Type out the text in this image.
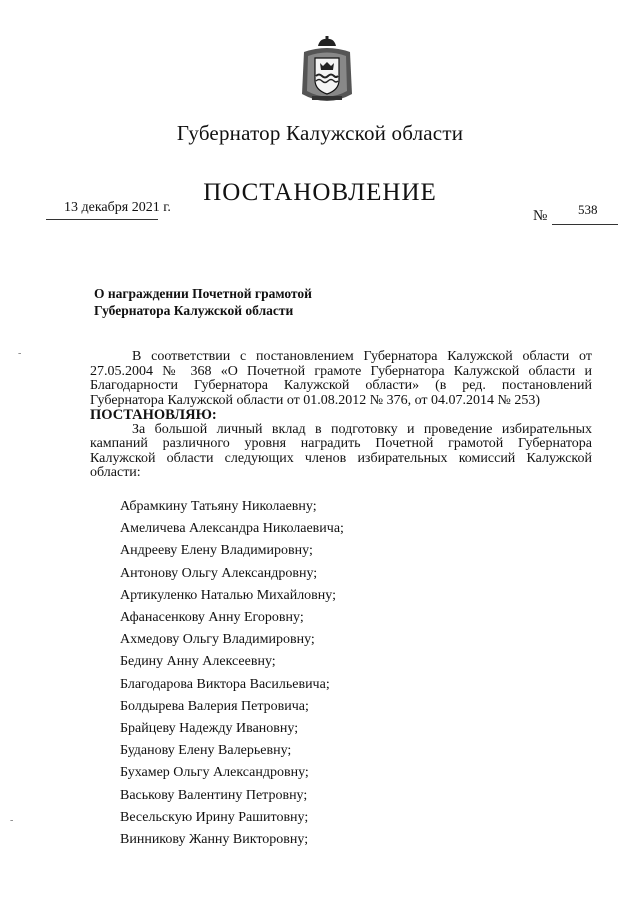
Губернатор Калужской области
ПОСТАНОВЛЕНИЕ
13 декабря 2021 г.
№ 538
О награждении Почетной грамотой
Губернатора Калужской области

В соответствии с постановлением Губернатора Калужской области от 27.05.2004 № 368 «О Почетной грамоте Губернатора Калужской области и Благодарности Губернатора Калужской области» (в ред. постановлений Губернатора Калужской области от 01.08.2012 № 376, от 04.07.2014 № 253)

ПОСТАНОВЛЯЮ:

За большой личный вклад в подготовку и проведение избирательных кампаний различного уровня наградить Почетной грамотой Губернатора Калужской области следующих членов избирательных комиссий Калужской области:

Абрамкину Татьяну Николаевну;
Амеличева Александра Николаевича;
Андрееву Елену Владимировну;
Антонову Ольгу Александровну;
Артикуленко Наталью Михайловну;
Афанасенкову Анну Егоровну;
Ахмедову Ольгу Владимировну;
Бедину Анну Алексеевну;
Благодарова Виктора Васильевича;
Болдырева Валерия Петровича;
Брайцеву Надежду Ивановну;
Буданову Елену Валерьевну;
Бухамер Ольгу Александровну;
Васькову Валентину Петровну;
Весельскую Ирину Рашитовну;
Винникову Жанну Викторовну;
-
-
